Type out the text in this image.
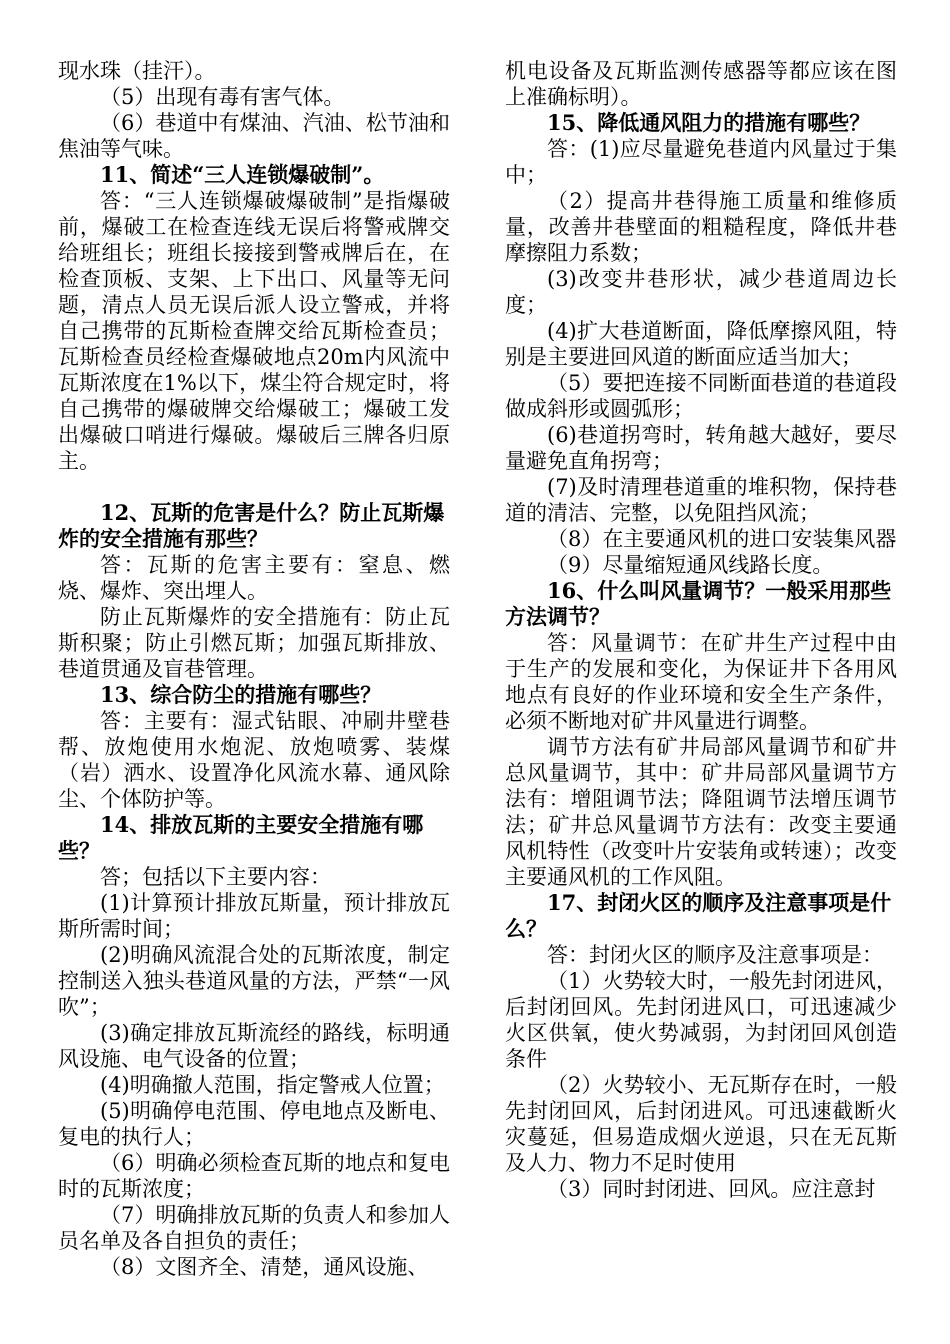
现水珠（挂汗）。

（5）出现有毒有害气体。

（6）巷道中有煤油、汽油、松节油和焦油等气味。

11、简述“三人连锁爆破制”。

答：“三人连锁爆破爆破制”是指爆破前，爆破工在检查连线无误后将警戒牌交给班组长；班组长接接到警戒牌后在，在检查顶板、支架、上下出口、风量等无问题，清点人员无误后派人设立警戒，并将自己携带的瓦斯检查牌交给瓦斯检查员；瓦斯检查员经检查爆破地点20m内风流中瓦斯浓度在1%以下，煤尘符合规定时，将自己携带的爆破牌交给爆破工；爆破工发出爆破口哨进行爆破。爆破后三牌各归原主。

12、瓦斯的危害是什么？防止瓦斯爆炸的安全措施有那些？

答：瓦斯的危害主要有：窒息、燃烧、爆炸、突出埋人。

防止瓦斯爆炸的安全措施有：防止瓦斯积聚；防止引燃瓦斯；加强瓦斯排放、巷道贯通及盲巷管理。

13、综合防尘的措施有哪些？

答：主要有：湿式钻眼、冲刷井壁巷帮、放炮使用水炮泥、放炮喷雾、装煤（岩）洒水、设置净化风流水幕、通风除尘、个体防护等。

14、排放瓦斯的主要安全措施有哪些？

答；包括以下主要内容：

(1)计算预计排放瓦斯量，预计排放瓦斯所需时间；

(2)明确风流混合处的瓦斯浓度，制定控制送入独头巷道风量的方法，严禁“一风吹”；

(3)确定排放瓦斯流经的路线，标明通风设施、电气设备的位置；

(4)明确撤人范围，指定警戒人位置；

(5)明确停电范围、停电地点及断电、复电的执行人；

（6）明确必须检查瓦斯的地点和复电时的瓦斯浓度；

（7）明确排放瓦斯的负责人和参加人员名单及各自担负的责任；

（8）文图齐全、清楚，通风设施、

机电设备及瓦斯监测传感器等都应该在图上准确标明）。

15、降低通风阻力的措施有哪些？

答：(1)应尽量避免巷道内风量过于集中；

（2）提高井巷得施工质量和维修质量，改善井巷壁面的粗糙程度，降低井巷摩擦阻力系数；

(3)改变井巷形状，减少巷道周边长度；

(4)扩大巷道断面，降低摩擦风阻，特别是主要进回风道的断面应适当加大；

（5）要把连接不同断面巷道的巷道段做成斜形或圆弧形；

(6)巷道拐弯时，转角越大越好，要尽量避免直角拐弯；

(7)及时清理巷道重的堆积物，保持巷道的清洁、完整，以免阻挡风流；

（8）在主要通风机的进口安装集风器

（9）尽量缩短通风线路长度。

16、什么叫风量调节？一般采用那些方法调节？

答：风量调节：在矿井生产过程中由于生产的发展和变化，为保证井下各用风地点有良好的作业环境和安全生产条件，必须不断地对矿井风量进行调整。

调节方法有矿井局部风量调节和矿井总风量调节，其中：矿井局部风量调节方法有：增阻调节法；降阻调节法增压调节法；矿井总风量调节方法有：改变主要通风机特性（改变叶片安装角或转速）；改变主要通风机的工作风阻。

17、封闭火区的顺序及注意事项是什么？

答：封闭火区的顺序及注意事项是：

（1）火势较大时，一般先封闭进风，后封闭回风。先封闭进风口，可迅速减少火区供氧，使火势减弱，为封闭回风创造条件

（2）火势较小、无瓦斯存在时，一般先封闭回风，后封闭进风。可迅速截断火灾蔓延，但易造成烟火逆退，只在无瓦斯及人力、物力不足时使用

（3）同时封闭进、回风。应注意封
